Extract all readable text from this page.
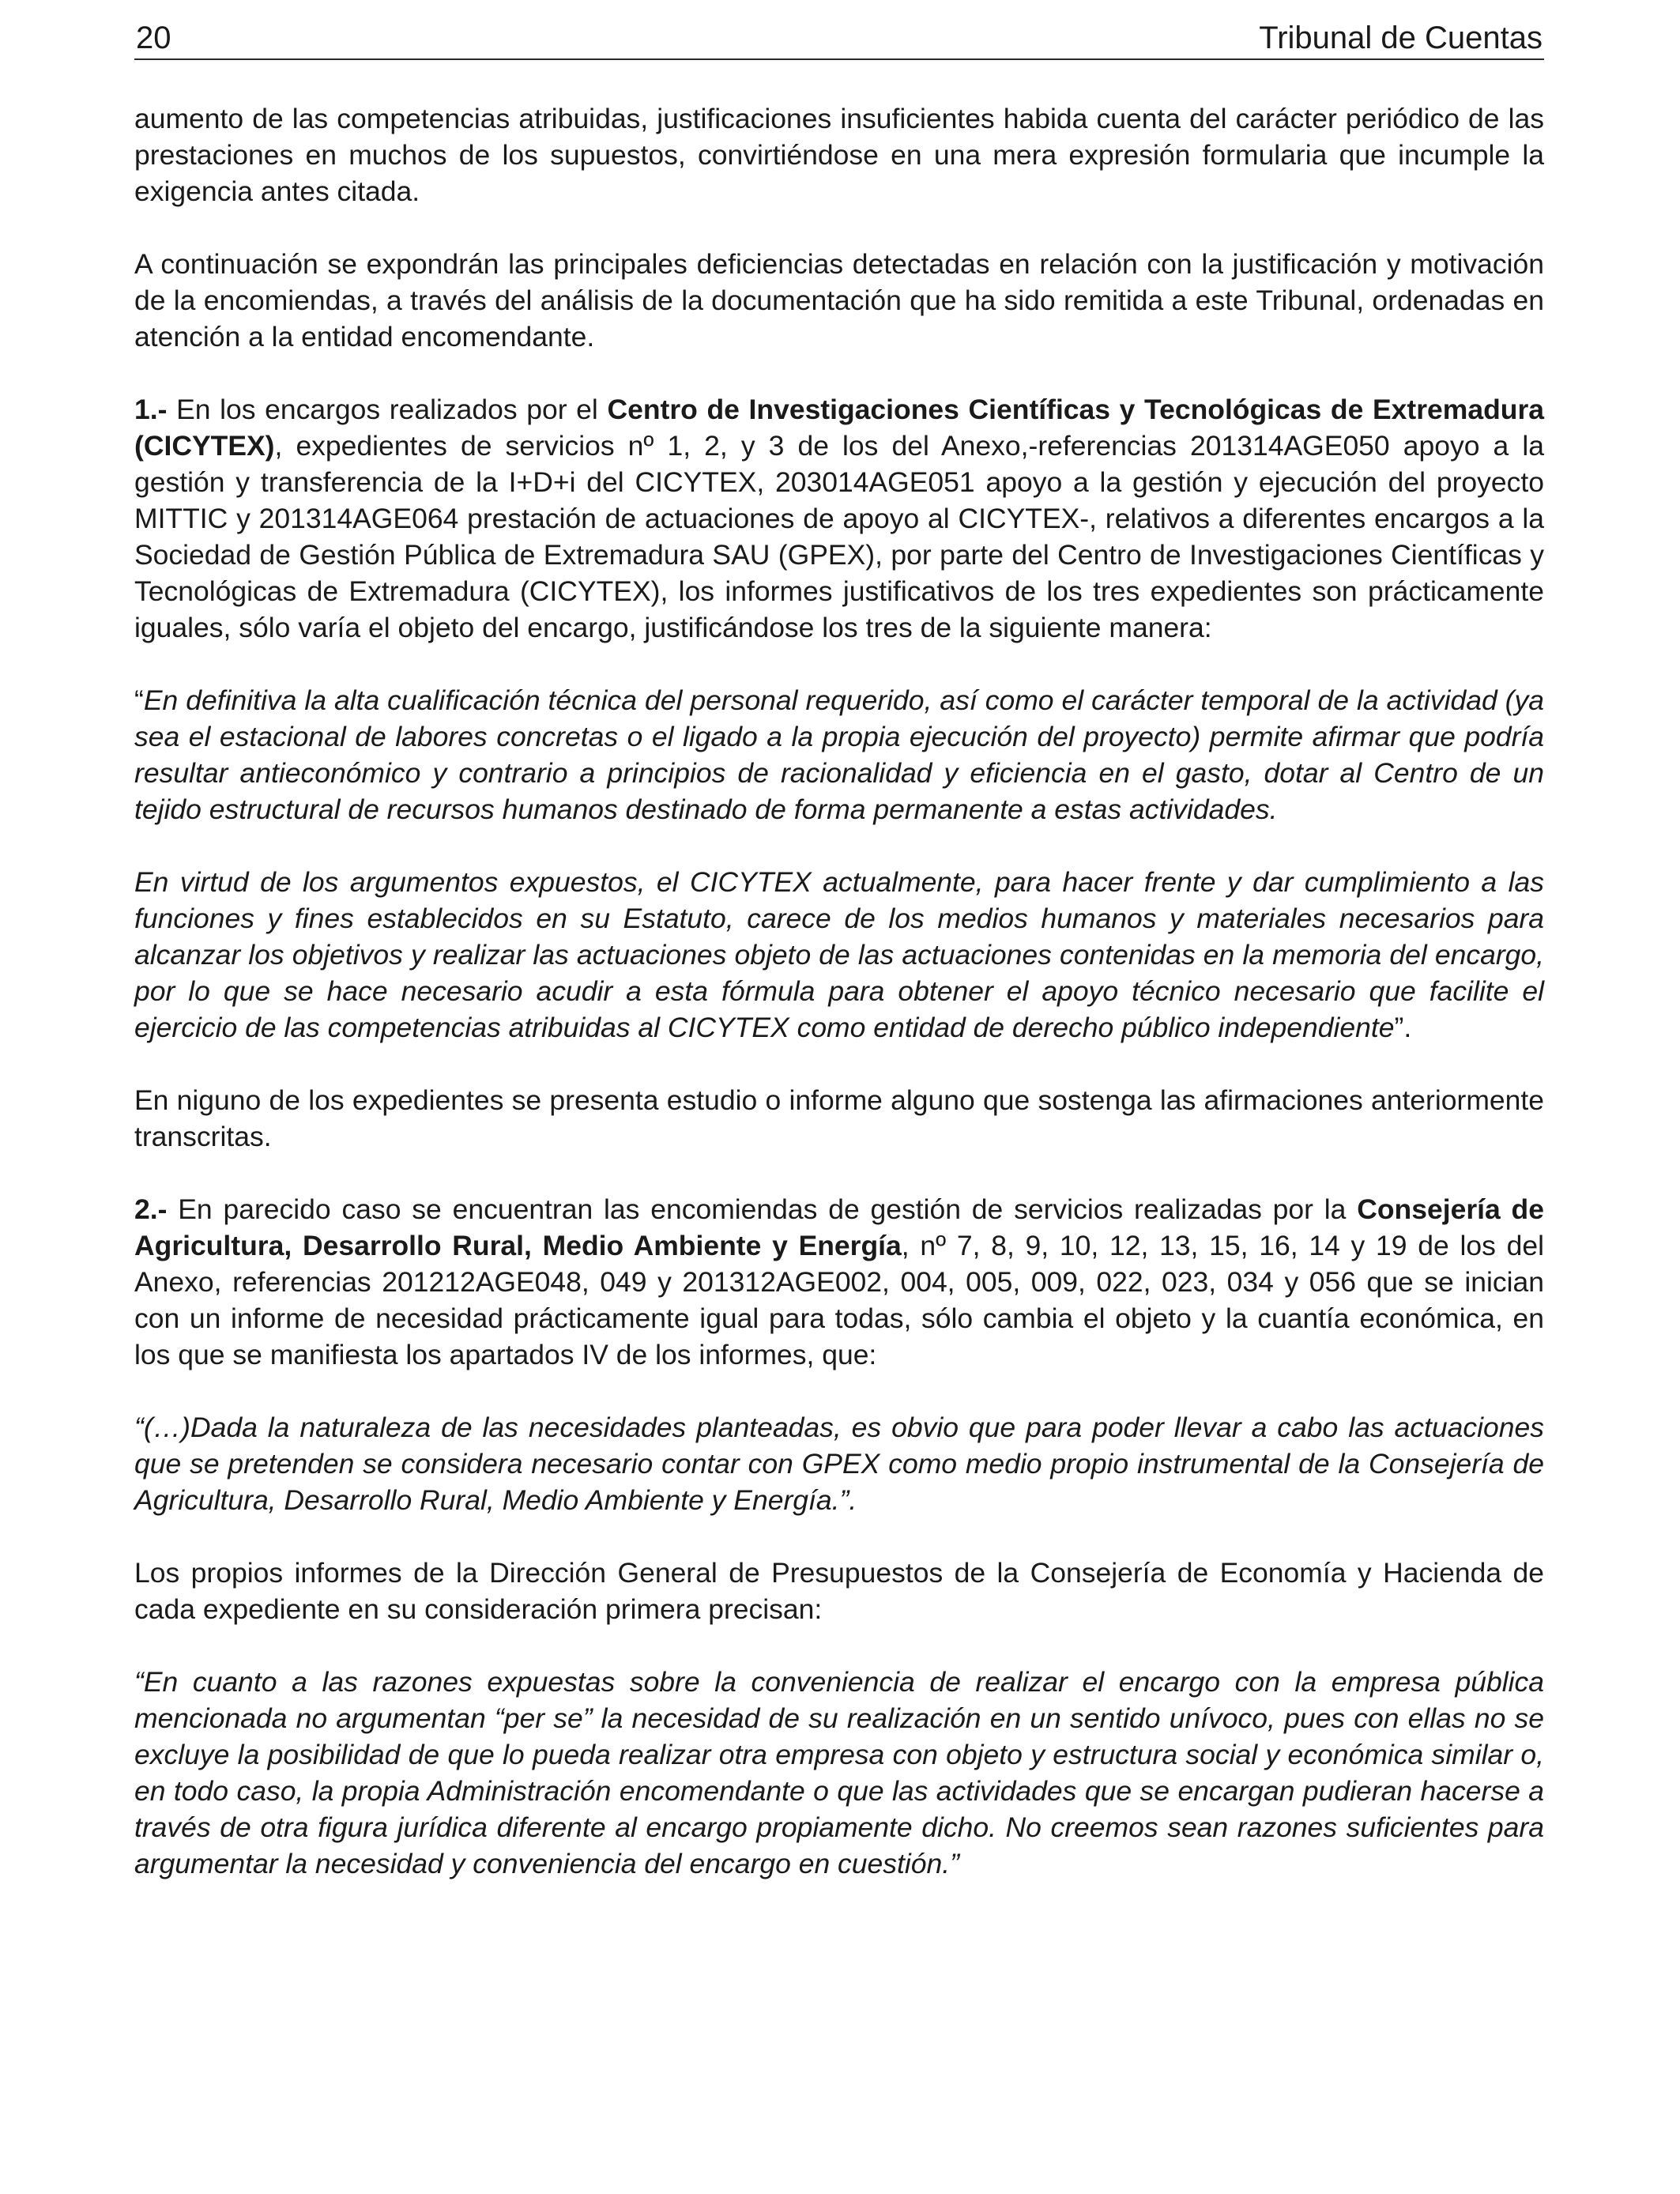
20	Tribunal de Cuentas

aumento de las competencias atribuidas, justificaciones insuficientes habida cuenta del carácter periódico de las prestaciones en muchos de los supuestos, convirtiéndose en una mera expresión formularia que incumple la exigencia antes citada.

A continuación se expondrán las principales deficiencias detectadas en relación con la justificación y motivación de la encomiendas, a través del análisis de la documentación que ha sido remitida a este Tribunal, ordenadas en atención a la entidad encomendante.

1.- En los encargos realizados por el Centro de Investigaciones Científicas y Tecnológicas de Extremadura (CICYTEX), expedientes de servicios nº 1, 2, y 3 de los del Anexo,-referencias 201314AGE050 apoyo a la gestión y transferencia de la I+D+i del CICYTEX, 203014AGE051 apoyo a la gestión y ejecución del proyecto MITTIC y 201314AGE064 prestación de actuaciones de apoyo al CICYTEX-, relativos a diferentes encargos a la Sociedad de Gestión Pública de Extremadura SAU (GPEX), por parte del Centro de Investigaciones Científicas y Tecnológicas de Extremadura (CICYTEX), los informes justificativos de los tres expedientes son prácticamente iguales, sólo varía el objeto del encargo, justificándose los tres de la siguiente manera:

“En definitiva la alta cualificación técnica del personal requerido, así como el carácter temporal de la actividad (ya sea el estacional de labores concretas o el ligado a la propia ejecución del proyecto) permite afirmar que podría resultar antieconómico y contrario a principios de racionalidad y eficiencia en el gasto, dotar al Centro de un tejido estructural de recursos humanos destinado de forma permanente a estas actividades.

En virtud de los argumentos expuestos, el CICYTEX actualmente, para hacer frente y dar cumplimiento a las funciones y fines establecidos en su Estatuto, carece de los medios humanos y materiales necesarios para alcanzar los objetivos y realizar las actuaciones objeto de las actuaciones contenidas en la memoria del encargo, por lo que se hace necesario acudir a esta fórmula para obtener el apoyo técnico necesario que facilite el ejercicio de las competencias atribuidas al CICYTEX como entidad de derecho público independiente”.

En niguno de los expedientes se presenta estudio o informe alguno que sostenga las afirmaciones anteriormente transcritas.

2.- En parecido caso se encuentran las encomiendas de gestión de servicios realizadas por la Consejería de Agricultura, Desarrollo Rural, Medio Ambiente y Energía, nº 7, 8, 9, 10, 12, 13, 15, 16, 14 y 19 de los del Anexo, referencias 201212AGE048, 049 y 201312AGE002, 004, 005, 009, 022, 023, 034 y 056 que se inician con un informe de necesidad prácticamente igual para todas, sólo cambia el objeto y la cuantía económica, en los que se manifiesta los apartados IV de los informes, que:

“(…)Dada la naturaleza de las necesidades planteadas, es obvio que para poder llevar a cabo las actuaciones que se pretenden se considera necesario contar con GPEX como medio propio instrumental de la Consejería de Agricultura, Desarrollo Rural, Medio Ambiente y Energía.”.

Los propios informes de la Dirección General de Presupuestos de la Consejería de Economía y Hacienda de cada expediente en su consideración primera precisan:

“En cuanto a las razones expuestas sobre la conveniencia de realizar el encargo con la empresa pública mencionada no argumentan “per se” la necesidad de su realización en un sentido unívoco, pues con ellas no se excluye la posibilidad de que lo pueda realizar otra empresa con objeto y estructura social y económica similar o, en todo caso, la propia Administración encomendante o que las actividades que se encargan pudieran hacerse a través de otra figura jurídica diferente al encargo propiamente dicho. No creemos sean razones suficientes para argumentar la necesidad y conveniencia del encargo en cuestión.”
